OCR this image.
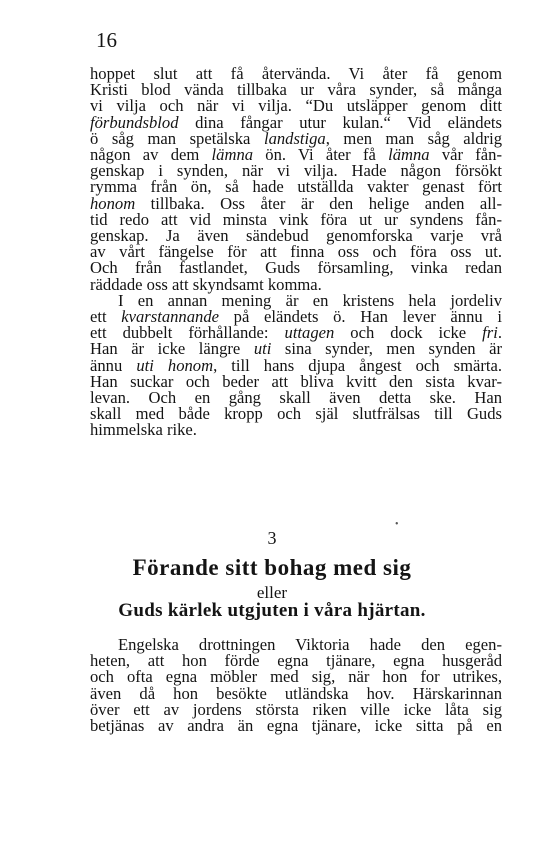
16
hoppet slut att få återvända. Vi åter få genom
Kristi blod vända tillbaka ur våra synder, så många
vi vilja och när vi vilja. “Du utsläpper genom ditt
förbundsblod dina fångar utur kulan.“ Vid eländets
ö såg man spetälska landstiga, men man såg aldrig
någon av dem lämna ön. Vi åter få lämna vår fån-
genskap i synden, när vi vilja. Hade någon försökt
rymma från ön, så hade utställda vakter genast fört
honom tillbaka. Oss åter är den helige anden all-
tid redo att vid minsta vink föra ut ur syndens fån-
genskap. Ja även sändebud genomforska varje vrå
av vårt fängelse för att finna oss och föra oss ut.
Och från fastlandet, Guds församling, vinka redan
räddade oss att skyndsamt komma.
I en annan mening är en kristens hela jordeliv
ett kvarstannande på eländets ö. Han lever ännu i
ett dubbelt förhållande: uttagen och dock icke fri.
Han är icke längre uti sina synder, men synden är
ännu uti honom, till hans djupa ångest och smärta.
Han suckar och beder att bliva kvitt den sista kvar-
levan. Och en gång skall även detta ske. Han
skall med både kropp och själ slutfrälsas till Guds
himmelska rike.
•
3
Förande sitt bohag med sig
eller
Guds kärlek utgjuten i våra hjärtan.
Engelska drottningen Viktoria hade den egen-
heten, att hon förde egna tjänare, egna husgeråd
och ofta egna möbler med sig, när hon for utrikes,
även då hon besökte utländska hov. Härskarinnan
över ett av jordens största riken ville icke låta sig
betjänas av andra än egna tjänare, icke sitta på en
